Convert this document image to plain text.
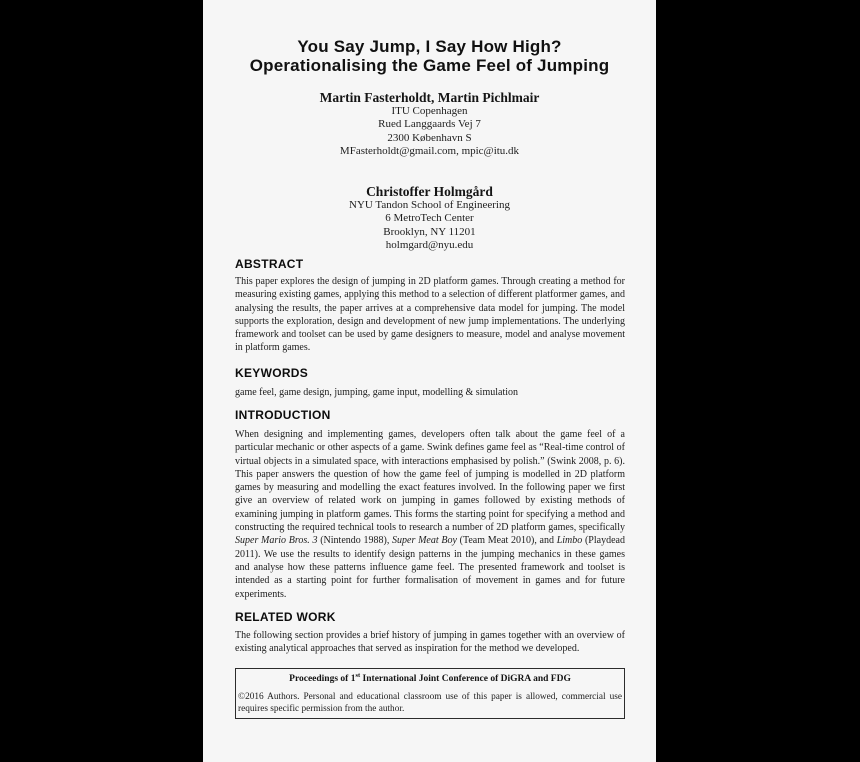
You Say Jump, I Say How High?
Operationalising the Game Feel of Jumping
Martin Fasterholdt, Martin Pichlmair
ITU Copenhagen
Rued Langgaards Vej 7
2300 København S
MFasterholdt@gmail.com, mpic@itu.dk
Christoffer Holmgård
NYU Tandon School of Engineering
6 MetroTech Center
Brooklyn, NY 11201
holmgard@nyu.edu
ABSTRACT

This paper explores the design of jumping in 2D platform games. Through creating a method for measuring existing games, applying this method to a selection of different platformer games, and analysing the results, the paper arrives at a comprehensive data model for jumping. The model supports the exploration, design and development of new jump implementations. The underlying framework and toolset can be used by game designers to measure, model and analyse movement in platform games.

KEYWORDS

game feel, game design, jumping, game input, modelling & simulation

INTRODUCTION

When designing and implementing games, developers often talk about the game feel of a particular mechanic or other aspects of a game. Swink defines game feel as “Real-time control of virtual objects in a simulated space, with interactions emphasised by polish.” (Swink 2008, p. 6). This paper answers the question of how the game feel of jumping is modelled in 2D platform games by measuring and modelling the exact features involved. In the following paper we first give an overview of related work on jumping in games followed by existing methods of examining jumping in platform games. This forms the starting point for specifying a method and constructing the required technical tools to research a number of 2D platform games, specifically Super Mario Bros. 3 (Nintendo 1988), Super Meat Boy (Team Meat 2010), and Limbo (Playdead 2011). We use the results to identify design patterns in the jumping mechanics in these games and analyse how these patterns influence game feel. The presented framework and toolset is intended as a starting point for further formalisation of movement in games and for future experiments.

RELATED WORK

The following section provides a brief history of jumping in games together with an overview of existing analytical approaches that served as inspiration for the method we developed.

Proceedings of 1st International Joint Conference of DiGRA and FDG

©2016 Authors. Personal and educational classroom use of this paper is allowed, commercial use requires specific permission from the author.
